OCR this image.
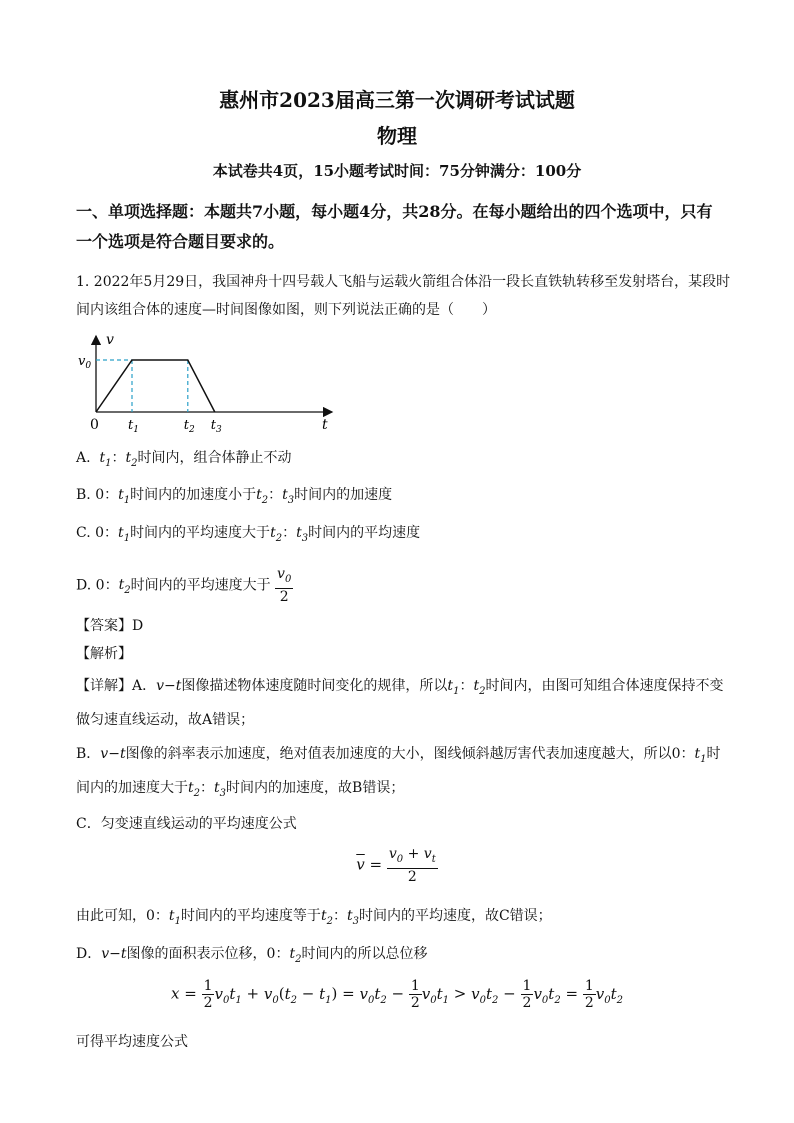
惠州市2023届高三第一次调研考试试题
物理
本试卷共4页，15小题考试时间：75分钟满分：100分
一、单项选择题：本题共7小题，每小题4分，共28分。在每小题给出的四个选项中，只有
一个选项是符合题目要求的。
1. 2022年5月29日，我国神舟十四号载人飞船与运载火箭组合体沿一段长直铁轨转移至发射塔台，某段时
间内该组合体的速度—时间图像如图，则下列说法正确的是（　　）
v
t
0 $t_1$	$t_2$ $t_3$
$v_0$
A.  $t_1$：$t_2$时间内，组合体静止不动
B. 0：$t_1$时间内的加速度小于$t_2$：$t_3$时间内的加速度
C. 0：$t_1$时间内的平均速度大于$t_2$：$t_3$时间内的平均速度
D. 0：$t_2$时间内的平均速度大于 $\frac{v_0}{2}$
【答案】D
【解析】
【详解】A．v−t图像描述物体速度随时间变化的规律，所以$t_1$：$t_2$时间内，由图可知组合体速度保持不变
做匀速直线运动，故A错误；
B．v−t图像的斜率表示加速度，绝对值表加速度的大小，图线倾斜越厉害代表加速度越大，所以0：$t_1$时
间内的加速度大于$t_2$：$t_3$时间内的加速度，故B错误；
C．匀变速直线运动的平均速度公式
$\overline{v} = \frac{v_0 + v_t}{2}$
由此可知，0：$t_1$时间内的平均速度等于$t_2$：$t_3$时间内的平均速度，故C错误；
D．v−t图像的面积表示位移，0：$t_2$时间内的所以总位移
$x = \frac{1}{2} v_0t_1 + v_0(t_2 - t_1) = v_0t_2 - \frac{1}{2} v_0t_1 > v_0t_2 - \frac{1}{2} v_0t_2 = \frac{1}{2} v_0t_2$
可得平均速度公式
